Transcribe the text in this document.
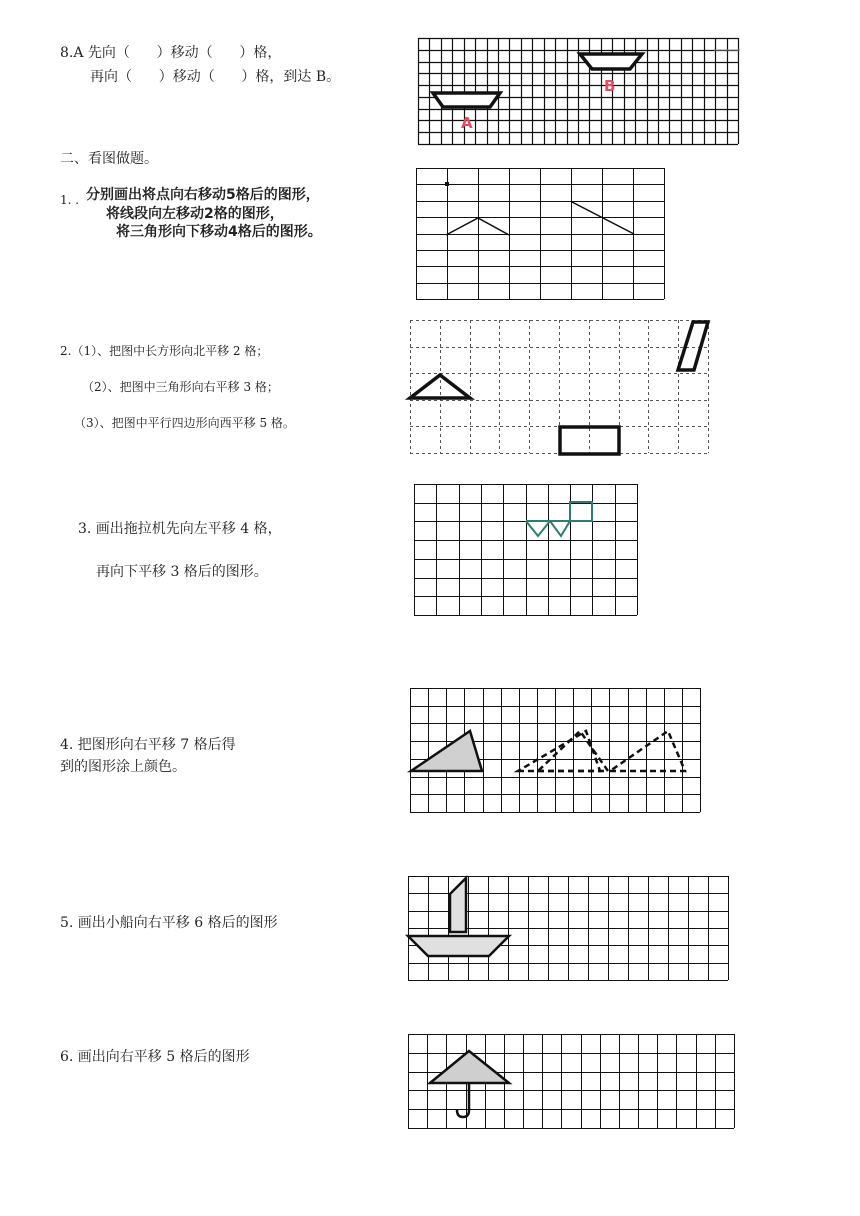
8.A 先向（      ）移动（      ）格，
再向（      ）移动（      ）格，到达 B。
A
B
二、看图做题。
1. . 分别画出将点向右移动5格后的图形，
将线段向左移动2格的图形，
将三角形向下移动4格后的图形。
2.（1）、把图中长方形向北平移 2 格；
（2）、把图中三角形向右平移 3 格；
（3）、把图中平行四边形向西平移 5 格。
3. 画出拖拉机先向左平移 4 格，
再向下平移 3 格后的图形。
4. 把图形向右平移 7 格后得
到的图形涂上颜色。
5. 画出小船向右平移 6 格后的图形
6. 画出向右平移 5 格后的图形
